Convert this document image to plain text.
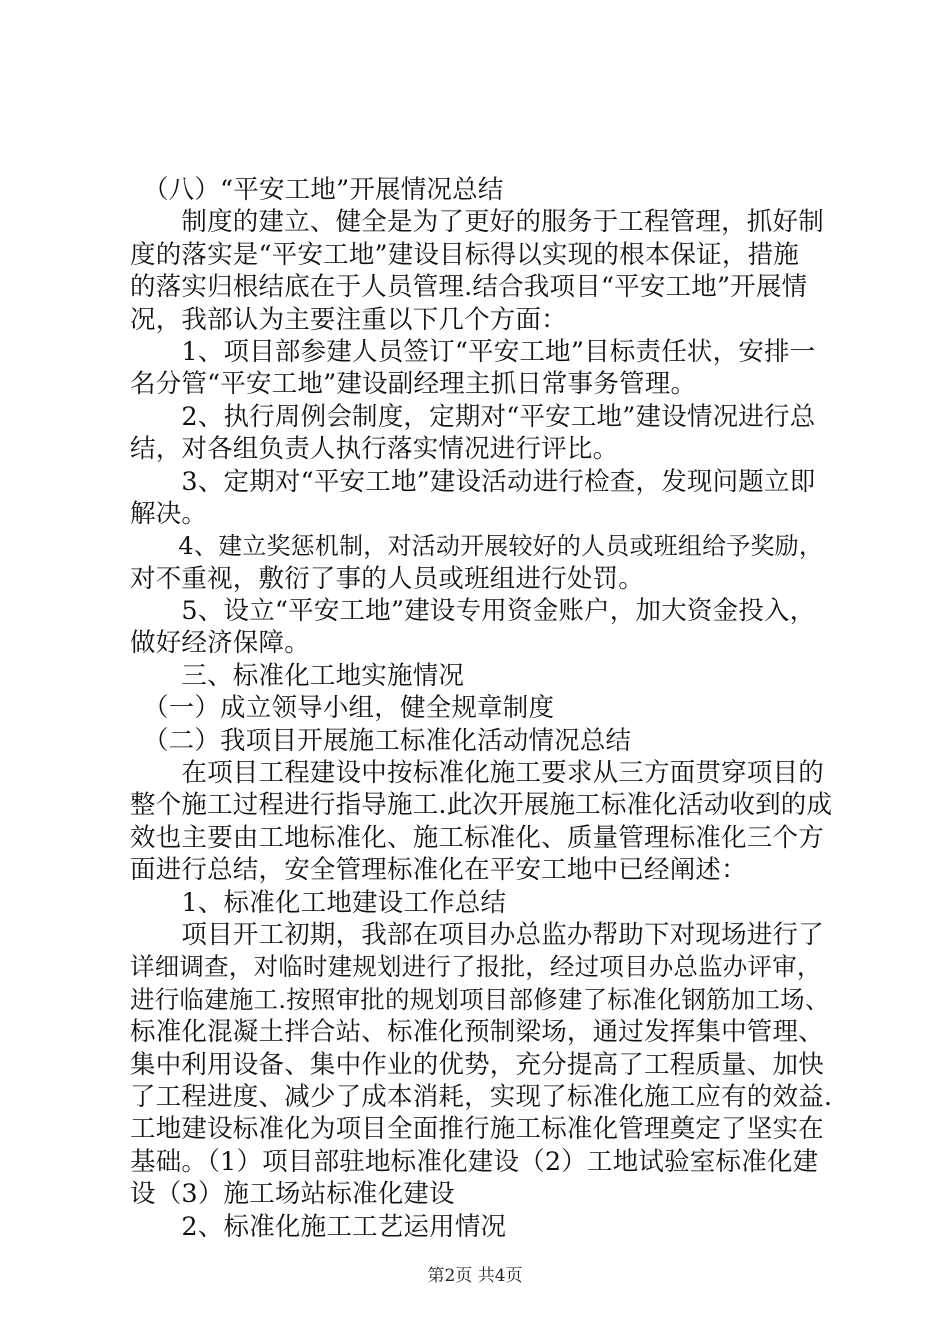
　（八）“平安工地”开展情况总结
　　制度的建立、健全是为了更好的服务于工程管理，抓好制
度的落实是“平安工地”建设目标得以实现的根本保证，措施
的落实归根结底在于人员管理.结合我项目“平安工地”开展情
况，我部认为主要注重以下几个方面：
　　1、项目部参建人员签订“平安工地”目标责任状，安排一
名分管“平安工地”建设副经理主抓日常事务管理。
　　2、执行周例会制度，定期对“平安工地”建设情况进行总
结，对各组负责人执行落实情况进行评比。
　　3、定期对“平安工地”建设活动进行检查，发现问题立即
解决。
　　4、建立奖惩机制，对活动开展较好的人员或班组给予奖励，
对不重视，敷衍了事的人员或班组进行处罚。
　　5、设立“平安工地”建设专用资金账户，加大资金投入，
做好经济保障。
　　三、标准化工地实施情况
　（一）成立领导小组，健全规章制度
　（二）我项目开展施工标准化活动情况总结
　　在项目工程建设中按标准化施工要求从三方面贯穿项目的
整个施工过程进行指导施工.此次开展施工标准化活动收到的成
效也主要由工地标准化、施工标准化、质量管理标准化三个方
面进行总结，安全管理标准化在平安工地中已经阐述：
　　1、标准化工地建设工作总结
　　项目开工初期，我部在项目办总监办帮助下对现场进行了
详细调查，对临时建规划进行了报批，经过项目办总监办评审，
进行临建施工.按照审批的规划项目部修建了标准化钢筋加工场、
标准化混凝土拌合站、标准化预制梁场，通过发挥集中管理、
集中利用设备、集中作业的优势，充分提高了工程质量、加快
了工程进度、减少了成本消耗，实现了标准化施工应有的效益.
工地建设标准化为项目全面推行施工标准化管理奠定了坚实在
基础。（1）项目部驻地标准化建设（2）工地试验室标准化建
设（3）施工场站标准化建设
　　2、标准化施工工艺运用情况
第2页 共4页
